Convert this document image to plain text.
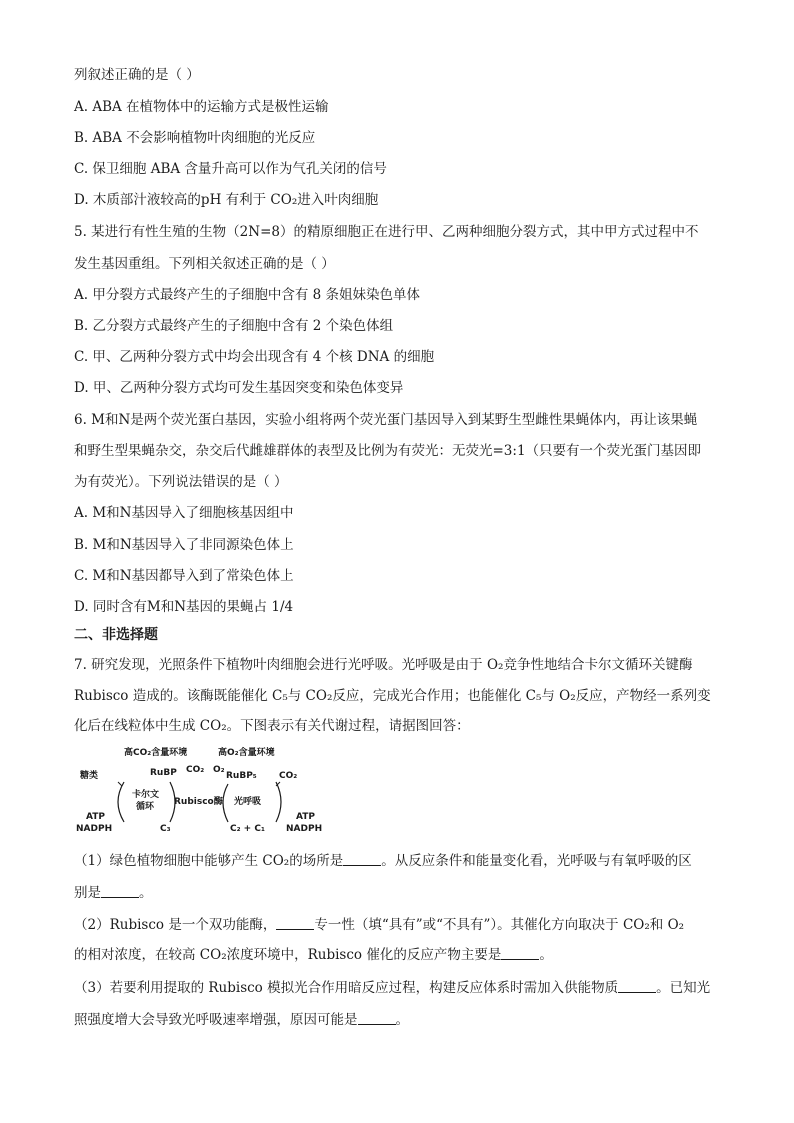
列叙述正确的是（ ）
A. ABA 在植物体中的运输方式是极性运输
B. ABA 不会影响植物叶肉细胞的光反应
C. 保卫细胞 ABA 含量升高可以作为气孔关闭的信号
D. 木质部汁液较高的pH 有利于 CO₂进入叶肉细胞
5. 某进行有性生殖的生物（2N=8）的精原细胞正在进行甲、乙两种细胞分裂方式，其中甲方式过程中不
发生基因重组。下列相关叙述正确的是（ ）
A. 甲分裂方式最终产生的子细胞中含有 8 条姐妹染色单体
B. 乙分裂方式最终产生的子细胞中含有 2 个染色体组
C. 甲、乙两种分裂方式中均会出现含有 4 个核 DNA 的细胞
D. 甲、乙两种分裂方式均可发生基因突变和染色体变异
6. M和N是两个荧光蛋白基因，实验小组将两个荧光蛋门基因导入到某野生型雌性果蝇体内，再让该果蝇
和野生型果蝇杂交，杂交后代雌雄群体的表型及比例为有荧光：无荧光=3:1（只要有一个荧光蛋门基因即
为有荧光）。下列说法错误的是（ ）
A. M和N基因导入了细胞核基因组中
B. M和N基因导入了非同源染色体上
C. M和N基因都导入到了常染色体上
D. 同时含有M和N基因的果蝇占 1/4
二、非选择题
7. 研究发现，光照条件下植物叶肉细胞会进行光呼吸。光呼吸是由于 O₂竞争性地结合卡尔文循环关键酶
Rubisco 造成的。该酶既能催化 C₅与 CO₂反应，完成光合作用；也能催化 C₅与 O₂反应，产物经一系列变
化后在线粒体中生成 CO₂。下图表示有关代谢过程，请据图回答：
高CO₂含量环境	高O₂含量环境
糖类	RuBP CO₂ O₂
RuBP₅ CO₂
卡尔文
循环 Rubisco酶 光呼吸
ATP
NADPH	C₃	C₂ + C₁
ATP
NADPH
（1）绿色植物细胞中能够产生 CO₂的场所是	。从反应条件和能量变化看，光呼吸与有氧呼吸的区
别是	。
（2）Rubisco 是一个双功能酶，	专一性（填“具有”或“不具有”）。其催化方向取决于 CO₂和 O₂
的相对浓度，在较高 CO₂浓度环境中，Rubisco 催化的反应产物主要是	。
（3）若要利用提取的 Rubisco 模拟光合作用暗反应过程，构建反应体系时需加入供能物质	。已知光
照强度增大会导致光呼吸速率增强，原因可能是	。
